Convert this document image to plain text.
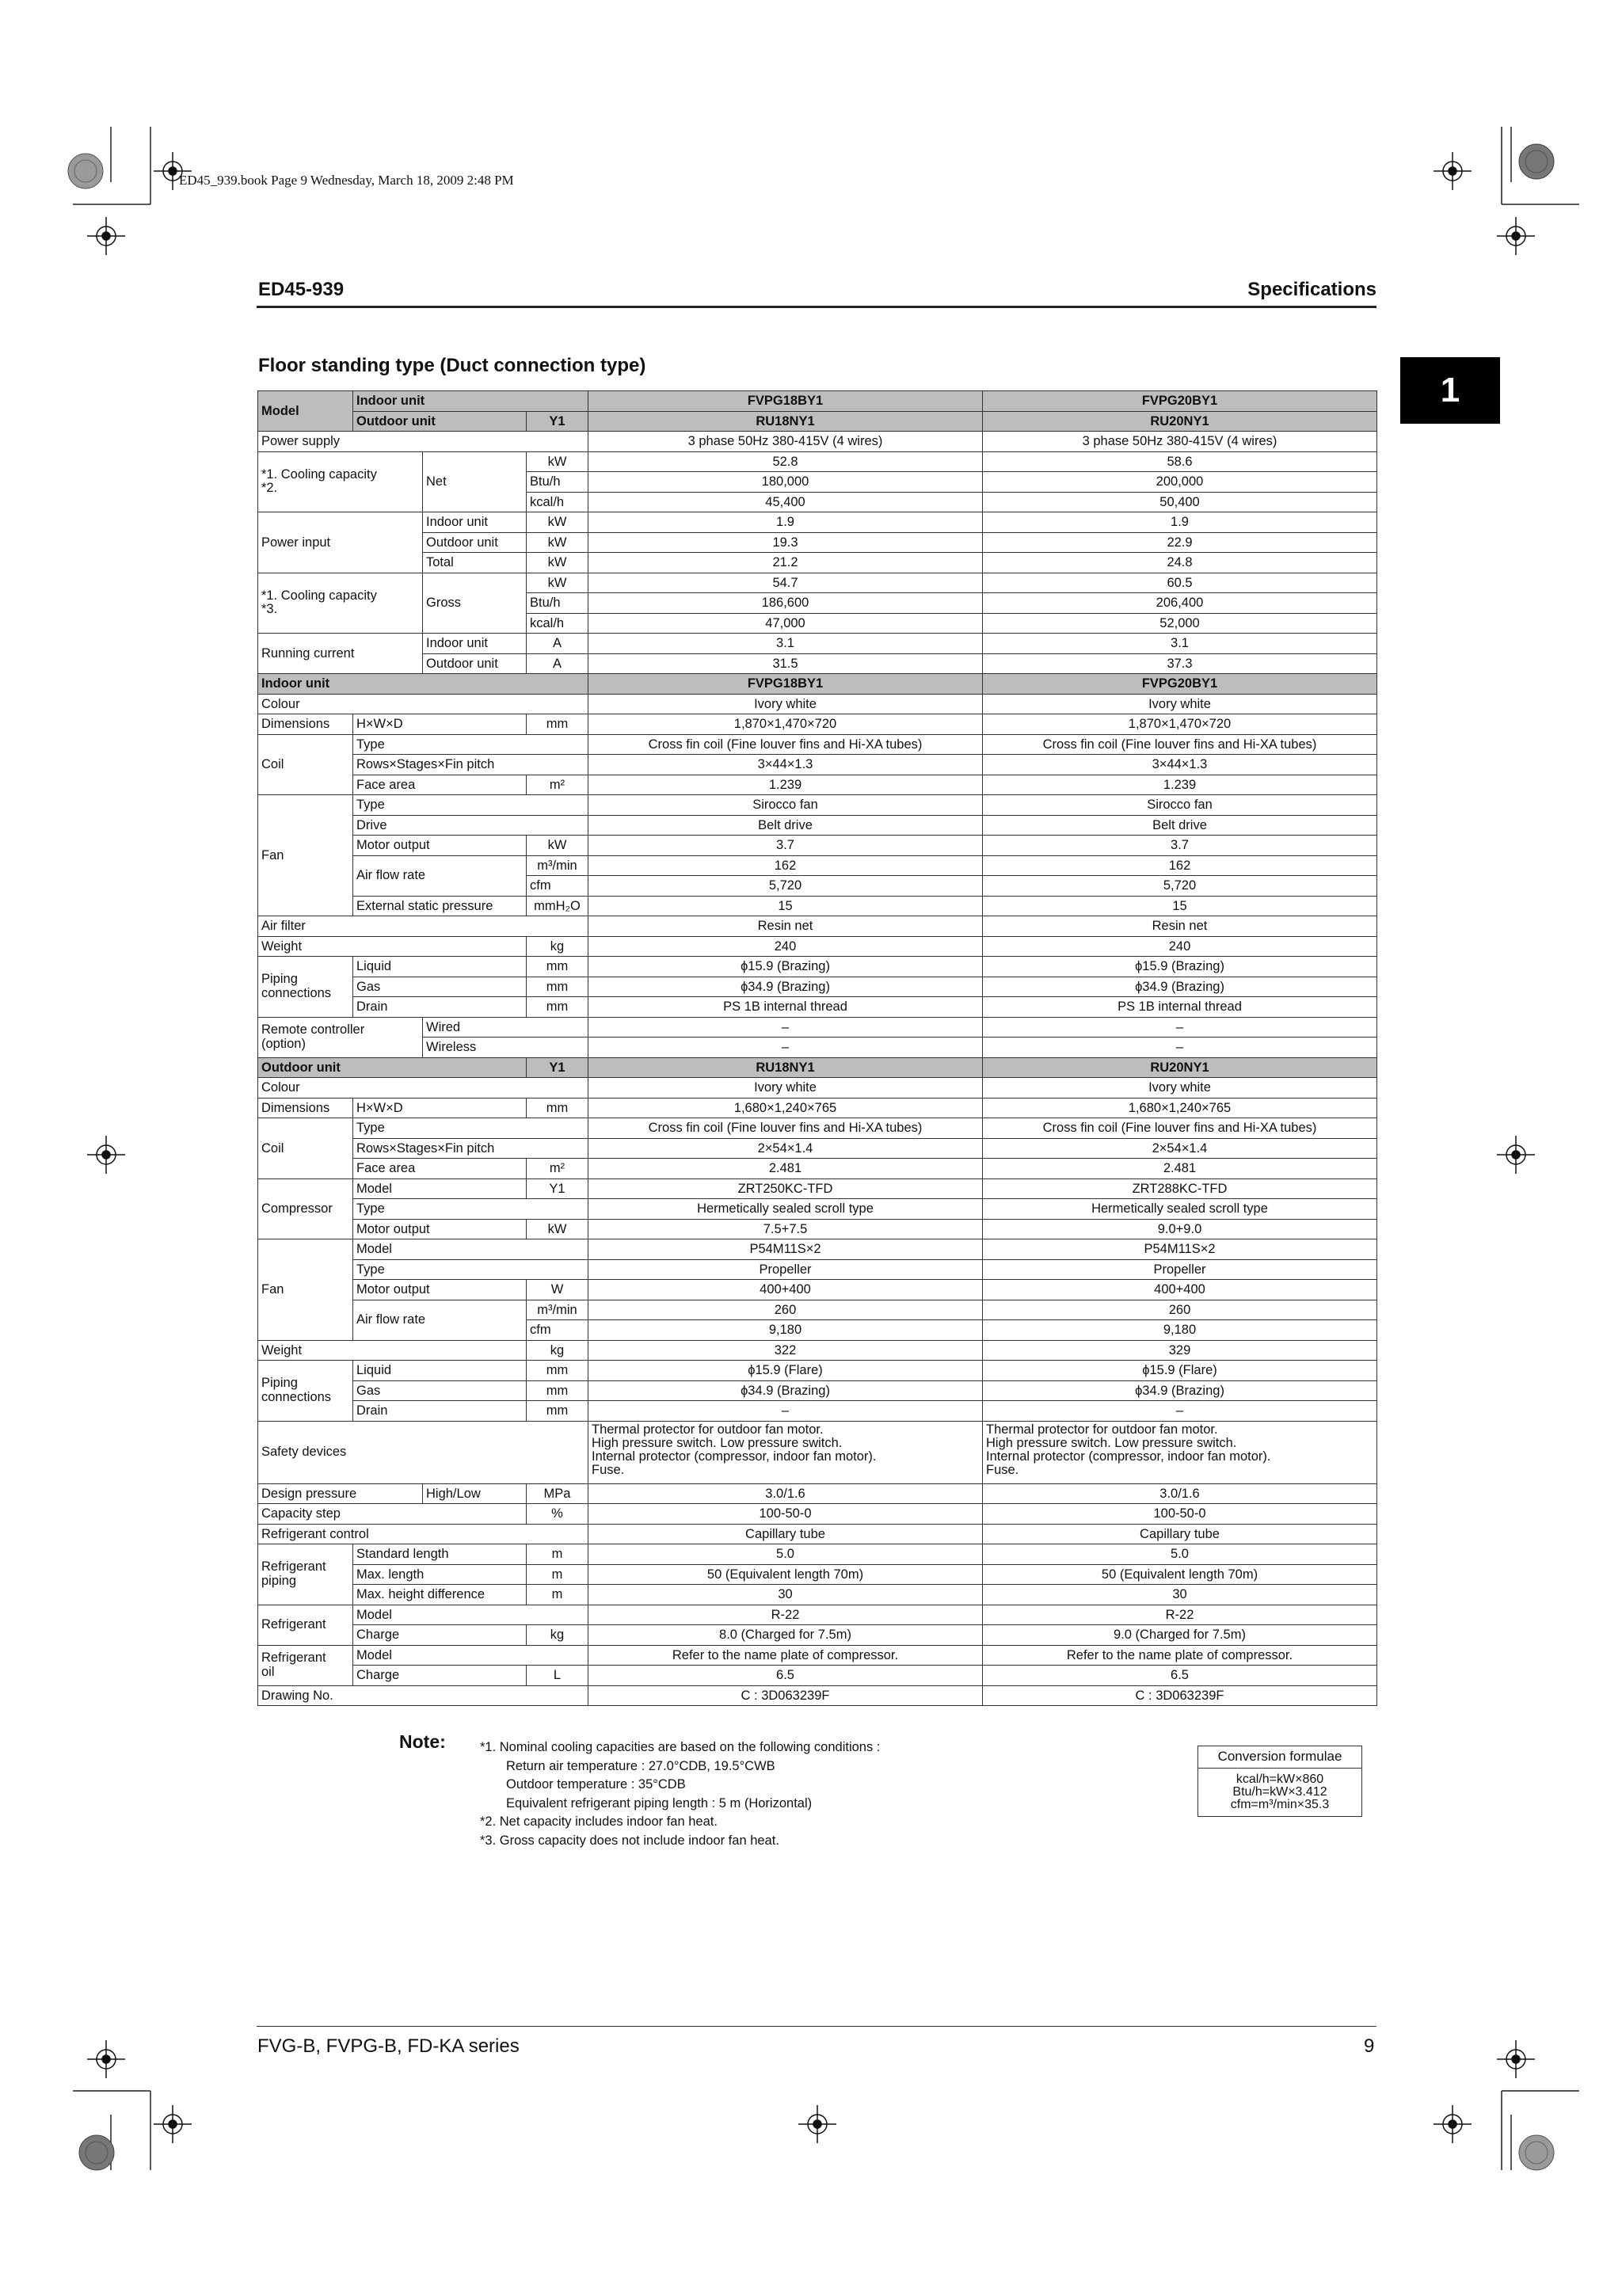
ED45_939.book Page 9 Wednesday, March 18, 2009 2:48 PM
ED45-939	Specifications
Floor standing type (Duct connection type)
1
Model	Indoor unit			FVPG18BY1	FVPG20BY1
	Outdoor unit		Y1	RU18NY1	RU20NY1
Power supply				3 phase 50Hz 380-415V (4 wires)	3 phase 50Hz 380-415V (4 wires)
*1. Cooling capacity
*2.		Net	kW	52.8	58.6
			Btu/h	180,000	200,000
			kcal/h	45,400	50,400
Power input		Indoor unit	kW	1.9	1.9
		Outdoor unit	kW	19.3	22.9
		Total	kW	21.2	24.8
*1. Cooling capacity
*3.		Gross	kW	54.7	60.5
			Btu/h	186,600	206,400
			kcal/h	47,000	52,000
Running current		Indoor unit	A	3.1	3.1
		Outdoor unit	A	31.5	37.3
Indoor unit				FVPG18BY1	FVPG20BY1
Colour				Ivory white	Ivory white
Dimensions	H×W×D		mm	1,870×1,470×720	1,870×1,470×720
Coil	Type			Cross fin coil (Fine louver fins and Hi-XA tubes)	Cross fin coil (Fine louver fins and Hi-XA tubes)
	Rows×Stages×Fin pitch			3×44×1.3	3×44×1.3
	Face area		m²	1.239	1.239
Fan	Type			Sirocco fan	Sirocco fan
	Drive			Belt drive	Belt drive
	Motor output		kW	3.7	3.7
	Air flow rate		m³/min	162	162
			cfm	5,720	5,720
	External static pressure		mmH₂O	15	15
Air filter				Resin net	Resin net
Weight			kg	240	240
Piping
connections	Liquid		mm	ϕ15.9 (Brazing)	ϕ15.9 (Brazing)
	Gas		mm	ϕ34.9 (Brazing)	ϕ34.9 (Brazing)
	Drain		mm	PS 1B internal thread	PS 1B internal thread
Remote controller
(option)		Wired		–	–
		Wireless		–	–
Outdoor unit			Y1	RU18NY1	RU20NY1
Colour				Ivory white	Ivory white
Dimensions	H×W×D		mm	1,680×1,240×765	1,680×1,240×765
Coil	Type			Cross fin coil (Fine louver fins and Hi-XA tubes)	Cross fin coil (Fine louver fins and Hi-XA tubes)
	Rows×Stages×Fin pitch			2×54×1.4	2×54×1.4
	Face area		m²	2.481	2.481
Compressor	Model		Y1	ZRT250KC-TFD	ZRT288KC-TFD
	Type			Hermetically sealed scroll type	Hermetically sealed scroll type
	Motor output		kW	7.5+7.5	9.0+9.0
Fan	Model			P54M11S×2	P54M11S×2
	Type			Propeller	Propeller
	Motor output		W	400+400	400+400
	Air flow rate		m³/min	260	260
			cfm	9,180	9,180
Weight			kg	322	329
Piping
connections	Liquid		mm	ϕ15.9 (Flare)	ϕ15.9 (Flare)
	Gas		mm	ϕ34.9 (Brazing)	ϕ34.9 (Brazing)
	Drain		mm	–	–
Safety devices				Thermal protector for outdoor fan motor.
High pressure switch. Low pressure switch.
Internal protector (compressor, indoor fan motor).
Fuse.	Thermal protector for outdoor fan motor.
High pressure switch. Low pressure switch.
Internal protector (compressor, indoor fan motor).
Fuse.
Design pressure		High/Low	MPa	3.0/1.6	3.0/1.6
Capacity step			%	100-50-0	100-50-0
Refrigerant control				Capillary tube	Capillary tube
Refrigerant
piping	Standard length		m	5.0	5.0
	Max. length		m	50 (Equivalent length 70m)	50 (Equivalent length 70m)
	Max. height difference		m	30	30
Refrigerant	Model			R-22	R-22
	Charge		kg	8.0 (Charged for 7.5m)	9.0 (Charged for 7.5m)
Refrigerant
oil	Model			Refer to the name plate of compressor.	Refer to the name plate of compressor.
	Charge		L	6.5	6.5
Drawing No.				C : 3D063239F	C : 3D063239F
Note:	*1. Nominal cooling capacities are based on the following conditions :
Return air temperature : 27.0°CDB, 19.5°CWB
Outdoor temperature : 35°CDB
Equivalent refrigerant piping length : 5 m (Horizontal)
*2. Net capacity includes indoor fan heat.
*3. Gross capacity does not include indoor fan heat.
Conversion formulae
kcal/h=kW×860
Btu/h=kW×3.412
cfm=m³/min×35.3
FVG-B, FVPG-B, FD-KA series	9
